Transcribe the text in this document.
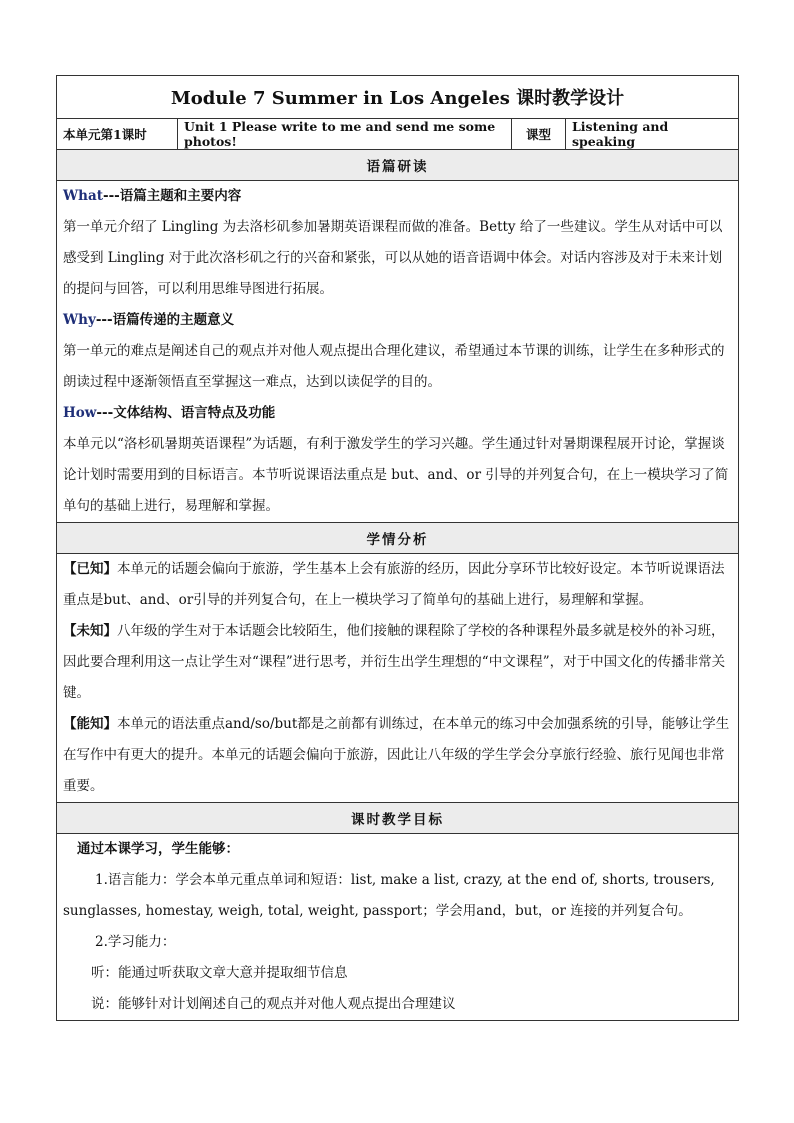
Module 7 Summer in Los Angeles 课时教学设计
本单元第1课时	Unit 1 Please write to me and send me some photos!	课型	Listening and speaking
语篇研读

What---语篇主题和主要内容

第一单元介绍了 Lingling 为去洛杉矶参加暑期英语课程而做的准备。Betty 给了一些建议。学生从对话中可以感受到 Lingling 对于此次洛杉矶之行的兴奋和紧张，可以从她的语音语调中体会。对话内容涉及对于未来计划的提问与回答，可以利用思维导图进行拓展。

Why---语篇传递的主题意义

第一单元的难点是阐述自己的观点并对他人观点提出合理化建议，希望通过本节课的训练，让学生在多种形式的朗读过程中逐渐领悟直至掌握这一难点，达到以读促学的目的。

How---文体结构、语言特点及功能

本单元以“洛杉矶暑期英语课程”为话题，有利于激发学生的学习兴趣。学生通过针对暑期课程展开讨论，掌握谈论计划时需要用到的目标语言。本节听说课语法重点是 but、and、or 引导的并列复合句，在上一模块学习了简单句的基础上进行，易理解和掌握。

学情分析

【已知】本单元的话题会偏向于旅游，学生基本上会有旅游的经历，因此分享环节比较好设定。本节听说课语法重点是but、and、or引导的并列复合句，在上一模块学习了简单句的基础上进行，易理解和掌握。

【未知】八年级的学生对于本话题会比较陌生，他们接触的课程除了学校的各种课程外最多就是校外的补习班，因此要合理利用这一点让学生对“课程”进行思考，并衍生出学生理想的“中文课程”，对于中国文化的传播非常关键。

【能知】本单元的语法重点and/so/but都是之前都有训练过，在本单元的练习中会加强系统的引导，能够让学生在写作中有更大的提升。本单元的话题会偏向于旅游，因此让八年级的学生学会分享旅行经验、旅行见闻也非常重要。

课时教学目标

通过本课学习，学生能够：

1.语言能力：学会本单元重点单词和短语：list, make a list, crazy, at the end of, shorts, trousers, sunglasses, homestay, weigh, total, weight, passport；学会用and，but，or 连接的并列复合句。

2.学习能力：

听：能通过听获取文章大意并提取细节信息

说：能够针对计划阐述自己的观点并对他人观点提出合理建议
